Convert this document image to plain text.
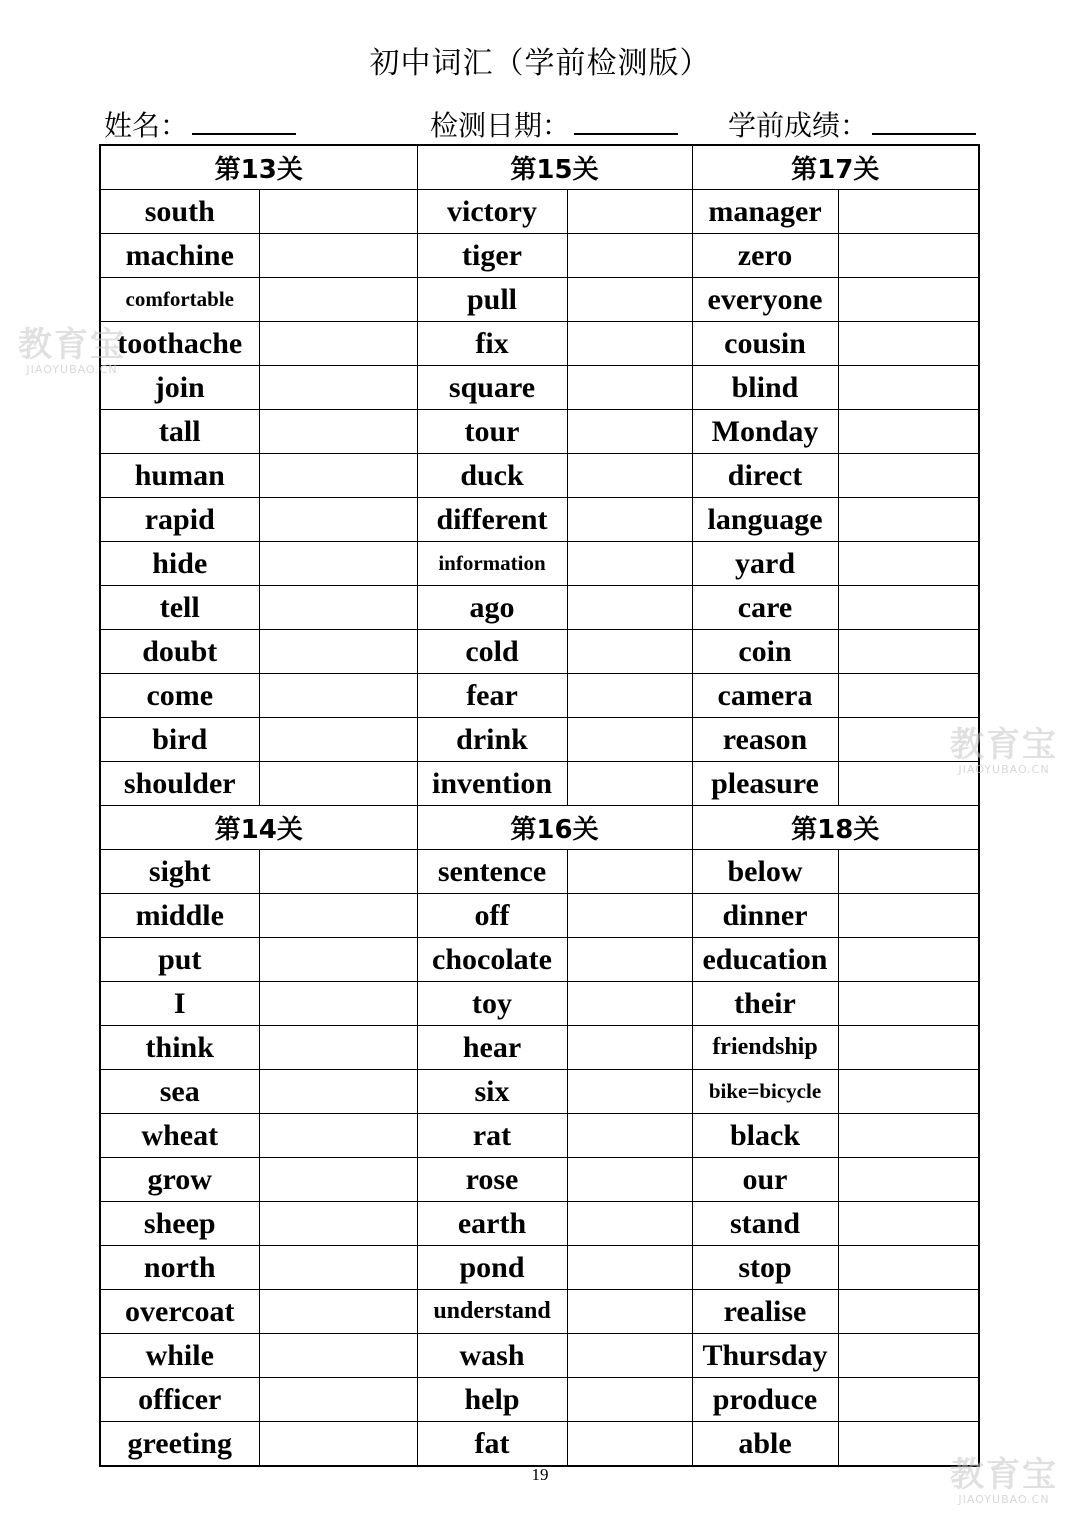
初中词汇（学前检测版）
姓名：	检测日期：	学前成绩：
第13关		第15关		第17关	
south		victory		manager	
machine		tiger		zero	
comfortable		pull		everyone	
toothache		fix		cousin	
join		square		blind	
tall		tour		Monday	
human		duck		direct	
rapid		different		language	
hide		information		yard	
tell		ago		care	
doubt		cold		coin	
come		fear		camera	
bird		drink		reason	
shoulder		invention		pleasure	
第14关		第16关		第18关	
sight		sentence		below	
middle		off		dinner	
put		chocolate		education	
I		toy		their	
think		hear		friendship	
sea		six		bike=bicycle	
wheat		rat		black	
grow		rose		our	
sheep		earth		stand	
north		pond		stop	
overcoat		understand		realise	
while		wash		Thursday	
officer		help		produce	
greeting		fat		able	
19
教育宝
JIAOYUBAO.CN
教育宝
JIAOYUBAO.CN
教育宝
JIAOYUBAO.CN
